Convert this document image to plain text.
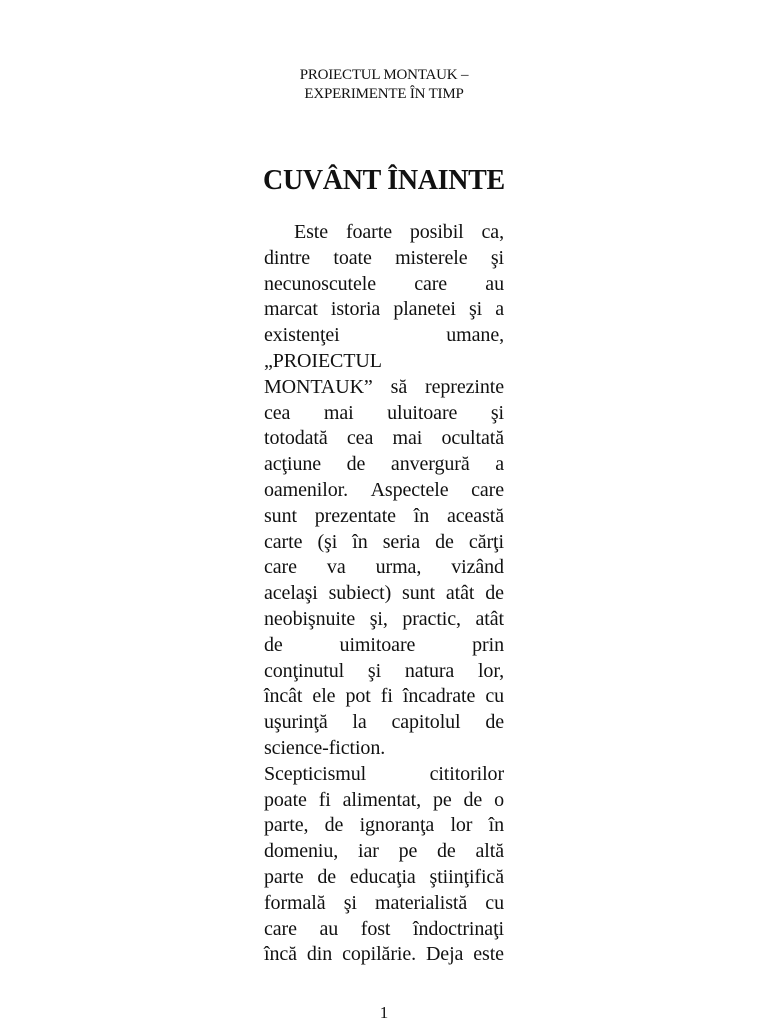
PROIECTUL MONTAUK –
EXPERIMENTE ÎN TIMP
CUVÂNT ÎNAINTE
Este foarte posibil ca,
dintre toate misterele şi
necunoscutele care au
marcat istoria planetei şi a
existenţei	umane,
„PROIECTUL
MONTAUK” să reprezinte
cea mai uluitoare şi
totodată cea mai ocultată
acţiune de anvergură a
oamenilor. Aspectele care
sunt prezentate în această
carte (şi în seria de cărţi
care va urma, vizând
acelaşi subiect) sunt atât de
neobişnuite şi, practic, atât
de	uimitoare	prin
conţinutul şi natura lor,
încât ele pot fi încadrate cu
uşurinţă la capitolul de
science-fiction.
Scepticismul	cititorilor
poate fi alimentat, pe de o
parte, de ignoranţa lor în
domeniu, iar pe de altă
parte de educaţia ştiinţifică
formală şi materialistă cu
care au fost îndoctrinaţi
încă din copilărie. Deja este
1
